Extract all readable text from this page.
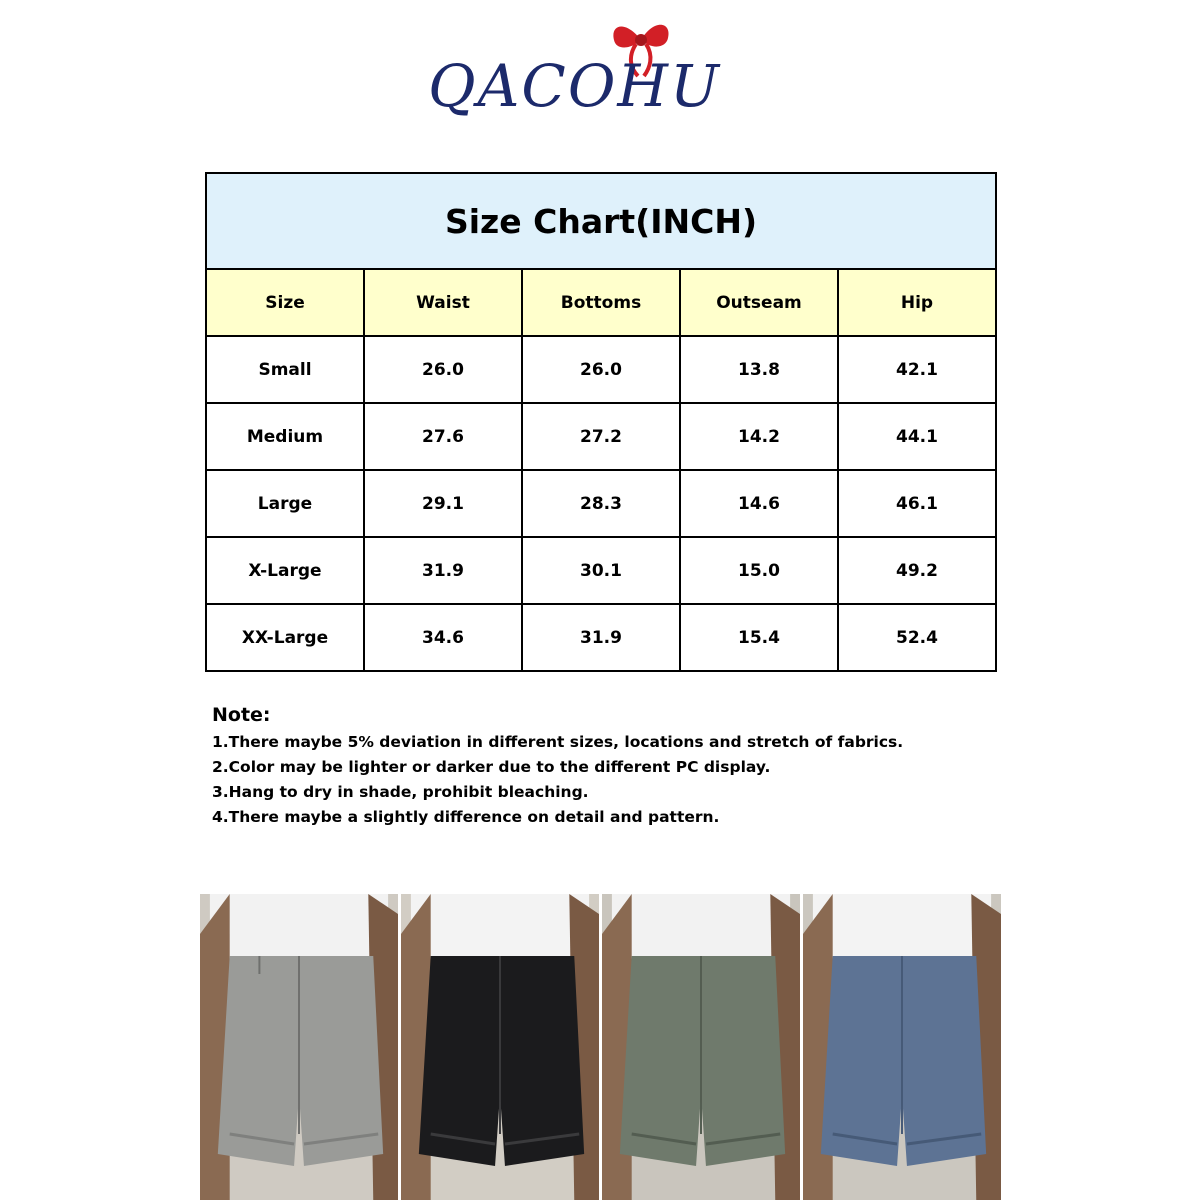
QACOHU
Size Chart(INCH)				
Size	Waist	Bottoms	Outseam	Hip
Small	26.0	26.0	13.8	42.1
Medium	27.6	27.2	14.2	44.1
Large	29.1	28.3	14.6	46.1
X-Large	31.9	30.1	15.0	49.2
XX-Large	34.6	31.9	15.4	52.4

Note:

1.There maybe 5% deviation in different sizes, locations and stretch of fabrics.

2.Color may be lighter or darker due to the different PC display.

3.Hang to dry in shade, prohibit bleaching.

4.There maybe a slightly difference on detail and pattern.
